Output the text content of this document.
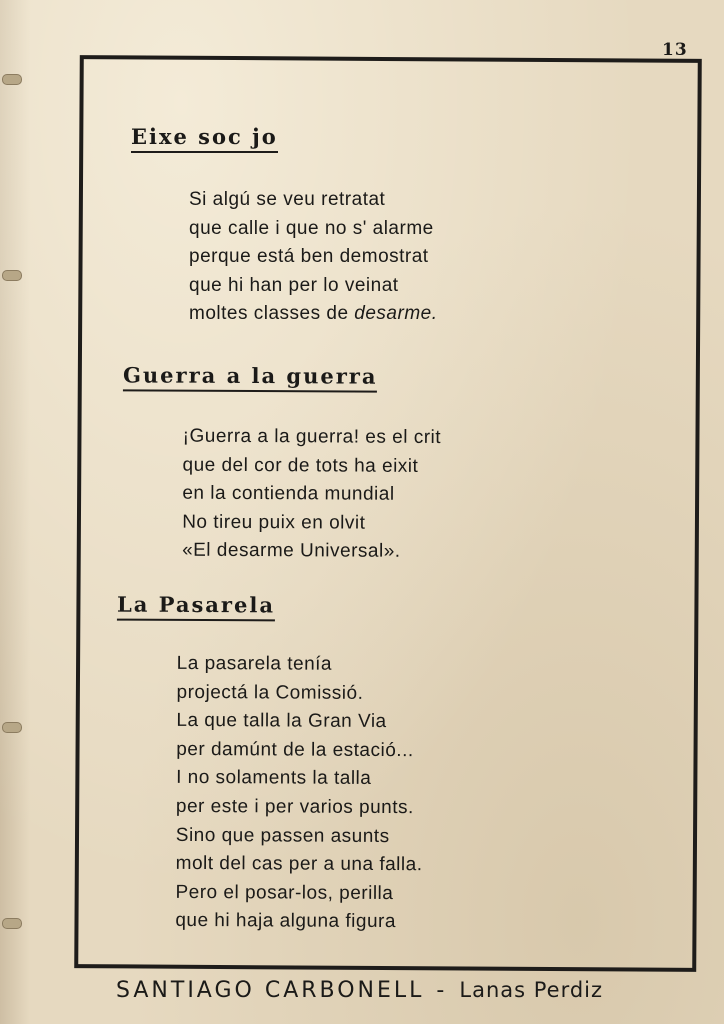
13
Eixe soc jo
Si algú se veu retratat
que calle i que no s' alarme
perque está ben demostrat
que hi han per lo veinat
moltes classes de desarme.
Guerra a la guerra
¡Guerra a la guerra! es el crit
que del cor de tots ha eixit
en la contienda mundial
No tireu puix en olvit
«El desarme Universal».
La Pasarela
La pasarela tenía
projectá la Comissió.
La que talla la Gran Via
per damúnt de la estació...
I no solaments la talla
per este i per varios punts.
Sino que passen asunts
molt del cas per a una falla.
Pero el posar-los, perilla
que hi haja alguna figura
SANTIAGO CARBONELL - Lanas Perdiz
